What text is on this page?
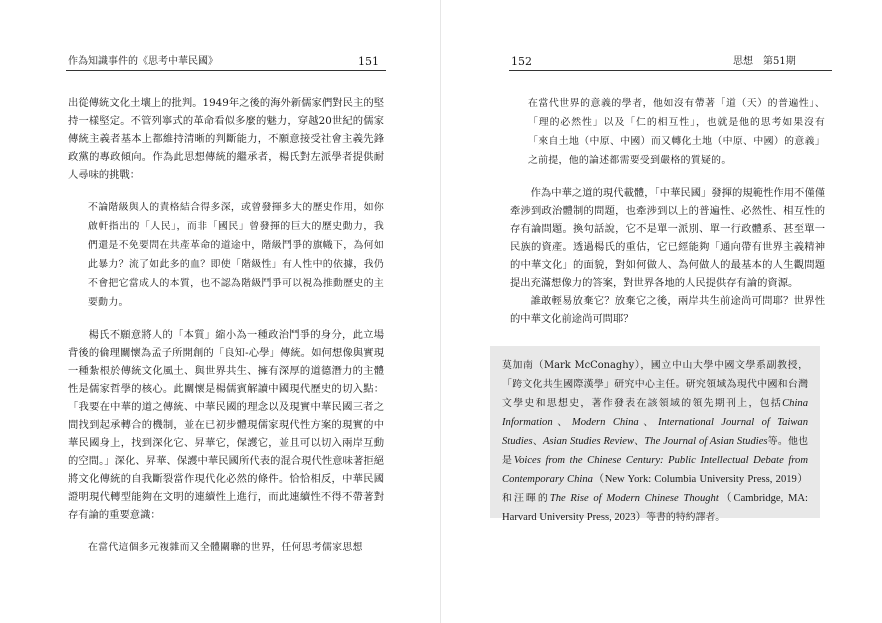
作為知識事件的《思考中華民國》	151

出從傳統文化土壤上的批判。1949年之後的海外新儒家們對民主的堅持一樣堅定。不管列寧式的革命看似多麼的魅力，穿越20世紀的儒家傳統主義者基本上都維持清晰的判斷能力，不願意接受社會主義先鋒政黨的專政傾向。作為此思想傳統的繼承者，楊氏對左派學者提供耐人尋味的挑戰：

不論階級與人的責格結合得多深，或曾發揮多大的歷史作用，如你啟軒指出的「人民」，而非「國民」曾發揮的巨大的歷史動力，我們還是不免要問在共產革命的道途中，階級鬥爭的旗幟下，為何如此暴力？流了如此多的血？即使「階級性」有人性中的依據，我仍不會把它當成人的本質，也不認為階級鬥爭可以視為推動歷史的主要動力。

楊氏不願意將人的「本質」縮小為一種政治鬥爭的身分，此立場背後的倫理關懷為孟子所開創的「良知-心學」傳統。如何想像與實現一種紮根於傳統文化風土、與世界共生、擁有深厚的道德潛力的主體性是儒家哲學的核心。此關懷是楊儒賓解讀中國現代歷史的切入點：「我要在中華的道之傳統、中華民國的理念以及現實中華民國三者之間找到起承轉合的機制，並在已初步體現儒家現代性方案的現實的中華民國身上，找到深化它、昇華它，保護它，並且可以切入兩岸互動的空間。」深化、昇華、保護中華民國所代表的混合現代性意味著拒絕將文化傳統的自我斷裂當作現代化必然的條件。恰恰相反，中華民國證明現代轉型能夠在文明的連續性上進行，而此連續性不得不帶著對存有論的重要意識：

在當代這個多元複雜而又全體關聯的世界，任何思考儒家思想

152	思想　第51期

在當代世界的意義的學者，他如沒有帶著「道（天）的普遍性」、「理的必然性」以及「仁的相互性」，也就是他的思考如果沒有「來自土地（中原、中國）而又轉化土地（中原、中國）的意義」之前提，他的論述都需要受到嚴格的質疑的。

作為中華之道的現代載體，「中華民國」發揮的規範性作用不僅僅牽涉到政治體制的問題，也牽涉到以上的普遍性、必然性、相互性的存有論問題。換句話說，它不是單一派別、單一行政體系、甚至單一民族的資產。透過楊氏的重估，它已經能夠「通向帶有世界主義精神的中華文化」的面貌，對如何做人、為何做人的最基本的人生觀問題提出充滿想像力的答案，對世界各地的人民提供存有論的資源。

誰敢輕易放棄它？放棄它之後，兩岸共生前途尚可問耶？世界性的中華文化前途尚可問耶？

莫加南（Mark McConaghy），國立中山大學中國文學系副教授，「跨文化共生國際漢學」研究中心主任。研究領域為現代中國和台灣文學史和思想史，著作發表在該領域的領先期刊上，包括China Information、Modern China、International Journal of Taiwan Studies、Asian Studies Review、The Journal of Asian Studies等。他也是Voices from the Chinese Century: Public Intellectual Debate from Contemporary China（New York: Columbia University Press, 2019）和汪暉的The Rise of Modern Chinese Thought（Cambridge, MA: Harvard University Press, 2023）等書的特約譯者。
